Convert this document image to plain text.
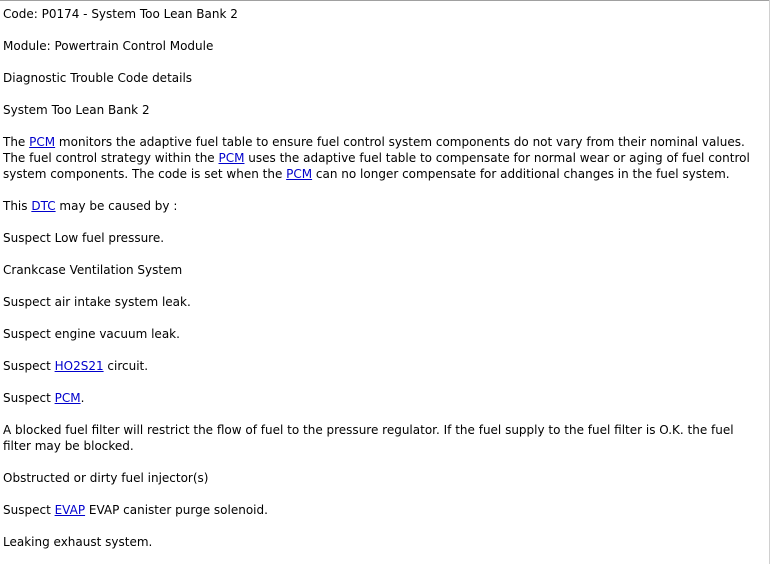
Code: P0174 - System Too Lean Bank 2

Module: Powertrain Control Module

Diagnostic Trouble Code details

System Too Lean Bank 2

The PCM monitors the adaptive fuel table to ensure fuel control system components do not vary from their nominal values. The fuel control strategy within the PCM uses the adaptive fuel table to compensate for normal wear or aging of fuel control system components. The code is set when the PCM can no longer compensate for additional changes in the fuel system.

This DTC may be caused by :

Suspect Low fuel pressure.

Crankcase Ventilation System

Suspect air intake system leak.

Suspect engine vacuum leak.

Suspect HO2S21 circuit.

Suspect PCM.

A blocked fuel filter will restrict the flow of fuel to the pressure regulator. If the fuel supply to the fuel filter is O.K. the fuel filter may be blocked.

Obstructed or dirty fuel injector(s)

Suspect EVAP EVAP canister purge solenoid.

Leaking exhaust system.
